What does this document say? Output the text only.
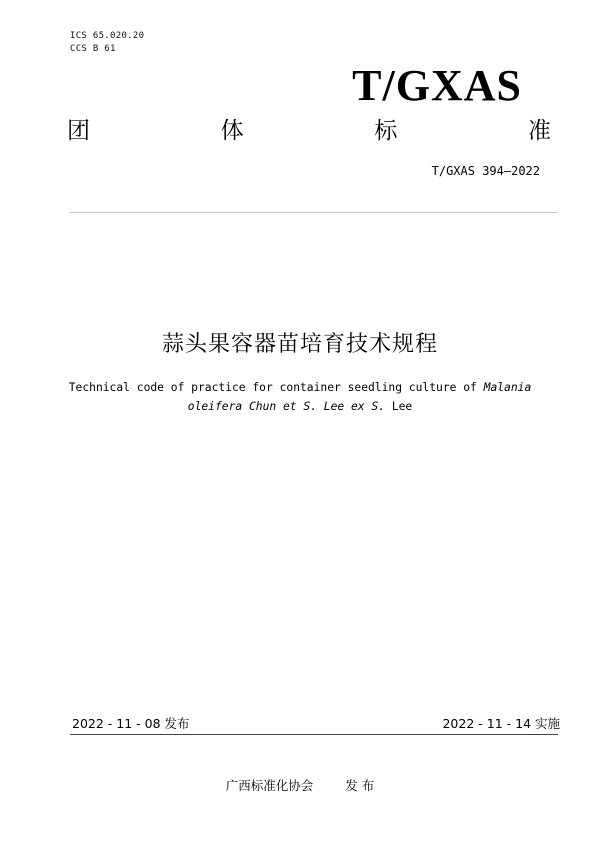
ICS 65.020.20
CCS B 61
T/GXAS
团	体	标	准
T/GXAS 394—2022
蒜头果容器苗培育技术规程
Technical code of practice for container seedling culture of Malania
oleifera Chun et S. Lee ex S. Lee
2022 - 11 - 08 发布	2022 - 11 - 14 实施
广西标准化协会	发 布
